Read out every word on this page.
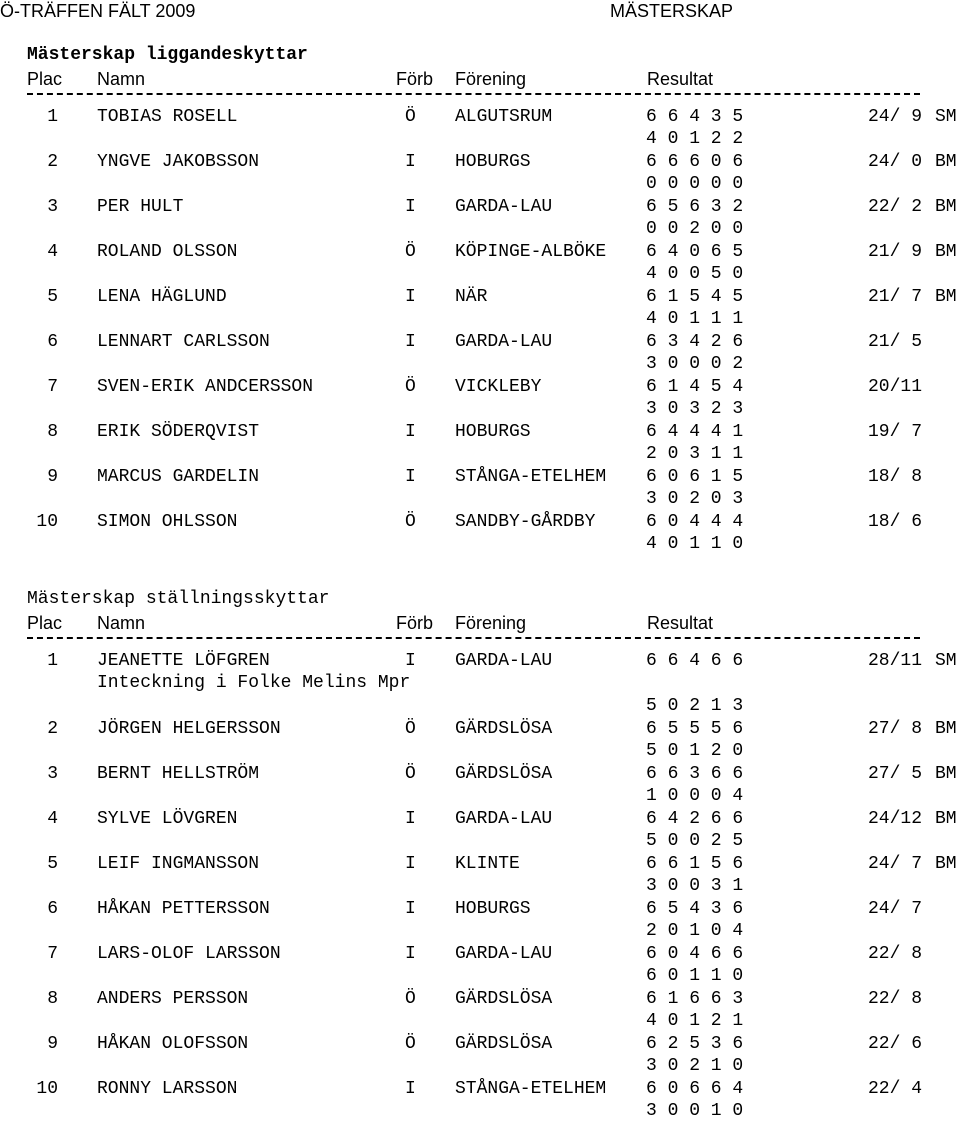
Ö-TRÄFFEN FÄLT 2009	MÄSTERSKAP
Mästerskap liggandeskyttar
Plac Namn	Förb Förening	Resultat
1 TOBIAS ROSELL	Ö ALGUTSRUM	6 6 4 3 5	24/ 9 SM
4 0 1 2 2
2 YNGVE JAKOBSSON	I HOBURGS	6 6 6 0 6	24/ 0 BM
0 0 0 0 0
3 PER HULT	I GARDA-LAU	6 5 6 3 2	22/ 2 BM
0 0 2 0 0
4 ROLAND OLSSON	Ö KÖPINGE-ALBÖKE 6 4 0 6 5	21/ 9 BM
4 0 0 5 0
5 LENA HÄGLUND	I NÄR	6 1 5 4 5	21/ 7 BM
4 0 1 1 1
6 LENNART CARLSSON	I GARDA-LAU	6 3 4 2 6	21/ 5
3 0 0 0 2
7 SVEN-ERIK ANDCERSSON	Ö VICKLEBY	6 1 4 5 4	20/11
3 0 3 2 3
8 ERIK SÖDERQVIST	I HOBURGS	6 4 4 4 1	19/ 7
2 0 3 1 1
9 MARCUS GARDELIN	I STÅNGA-ETELHEM 6 0 6 1 5	18/ 8
3 0 2 0 3
10 SIMON OHLSSON	Ö SANDBY-GÅRDBY	6 0 4 4 4	18/ 6
4 0 1 1 0
Mästerskap ställningsskyttar
Plac Namn	Förb Förening	Resultat
1 JEANETTE LÖFGREN	I GARDA-LAU	6 6 4 6 6	28/11 SM
Inteckning i Folke Melins Mpr
5 0 2 1 3
2 JÖRGEN HELGERSSON	Ö GÄRDSLÖSA	6 5 5 5 6	27/ 8 BM
5 0 1 2 0
3 BERNT HELLSTRÖM	Ö GÄRDSLÖSA	6 6 3 6 6	27/ 5 BM
1 0 0 0 4
4 SYLVE LÖVGREN	I GARDA-LAU	6 4 2 6 6	24/12 BM
5 0 0 2 5
5 LEIF INGMANSSON	I KLINTE	6 6 1 5 6	24/ 7 BM
3 0 0 3 1
6 HÅKAN PETTERSSON	I HOBURGS	6 5 4 3 6	24/ 7
2 0 1 0 4
7 LARS-OLOF LARSSON	I GARDA-LAU	6 0 4 6 6	22/ 8
6 0 1 1 0
8 ANDERS PERSSON	Ö GÄRDSLÖSA	6 1 6 6 3	22/ 8
4 0 1 2 1
9 HÅKAN OLOFSSON	Ö GÄRDSLÖSA	6 2 5 3 6	22/ 6
3 0 2 1 0
10 RONNY LARSSON	I STÅNGA-ETELHEM 6 0 6 6 4	22/ 4
3 0 0 1 0
